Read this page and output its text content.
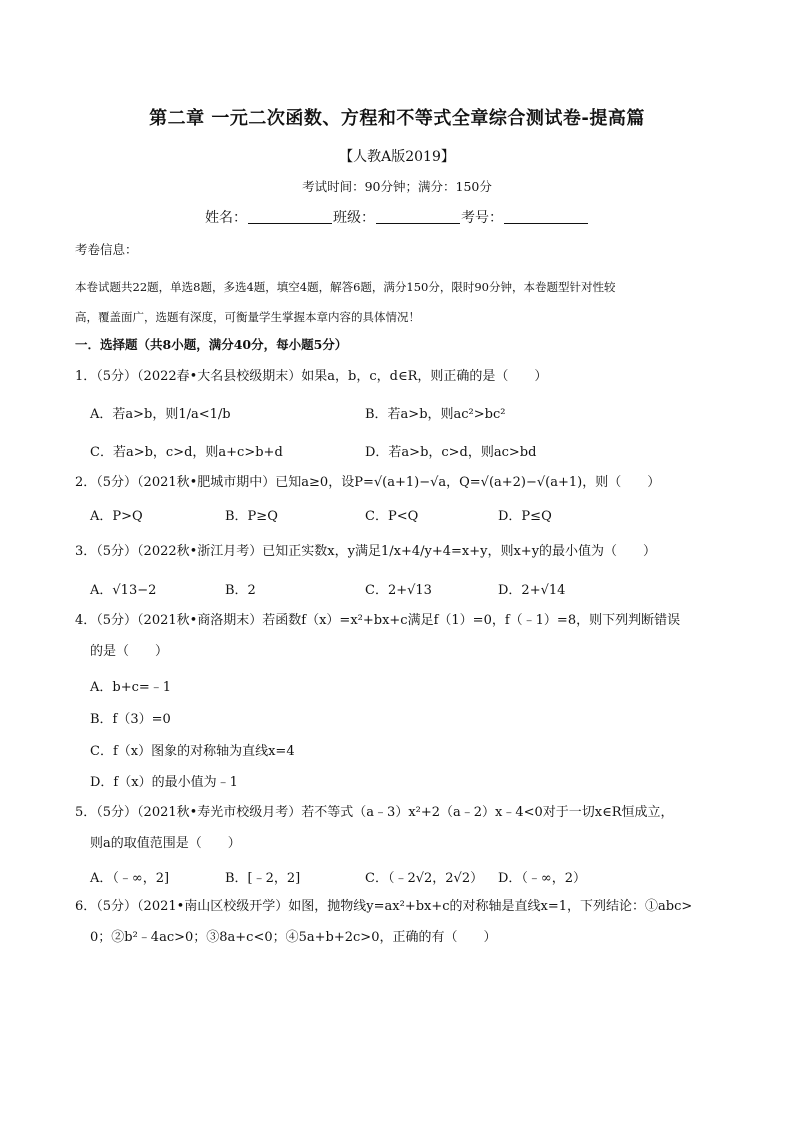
第二章 一元二次函数、方程和不等式全章综合测试卷-提高篇
【人教A版2019】
考试时间：90分钟；满分：150分
姓名：	班级：	考号：
考卷信息：
本卷试题共22题，单选8题，多选4题，填空4题，解答6题，满分150分，限时90分钟，本卷题型针对性较
高，覆盖面广，选题有深度，可衡量学生掌握本章内容的具体情况！
一．选择题（共8小题，满分40分，每小题5分）
1．（5分）（2022春•大名县校级期末）如果a，b，c，d∈R，则正确的是（　　）
A．若a>b，则1/a<1/b	B．若a>b，则ac²>bc²
C．若a>b，c>d，则a+c>b+d	D．若a>b，c>d，则ac>bd
2．（5分）（2021秋•肥城市期中）已知a≥0，设P=√(a+1)−√a，Q=√(a+2)−√(a+1)，则（　　）
A．P>Q	B．P≥Q	C．P<Q	D．P≤Q
3．（5分）（2022秋•浙江月考）已知正实数x，y满足1/x+4/y+4=x+y，则x+y的最小值为（　　）
A．√13−2	B．2	C．2+√13	D．2+√14
4．（5分）（2021秋•商洛期末）若函数f（x）=x²+bx+c满足f（1）=0，f（﹣1）=8，则下列判断错误
的是（　　）
A．b+c=﹣1
B．f（3）=0
C．f（x）图象的对称轴为直线x=4
D．f（x）的最小值为﹣1
5．（5分）（2021秋•寿光市校级月考）若不等式（a﹣3）x²+2（a﹣2）x﹣4<0对于一切x∈R恒成立，
则a的取值范围是（　　）
A．（﹣∞，2]	B．[﹣2，2]	C．（﹣2√2，2√2） D．（﹣∞，2）
6．（5分）（2021•南山区校级开学）如图，抛物线y=ax²+bx+c的对称轴是直线x=1，下列结论：①abc>
0；②b²﹣4ac>0；③8a+c<0；④5a+b+2c>0，正确的有（　　）
